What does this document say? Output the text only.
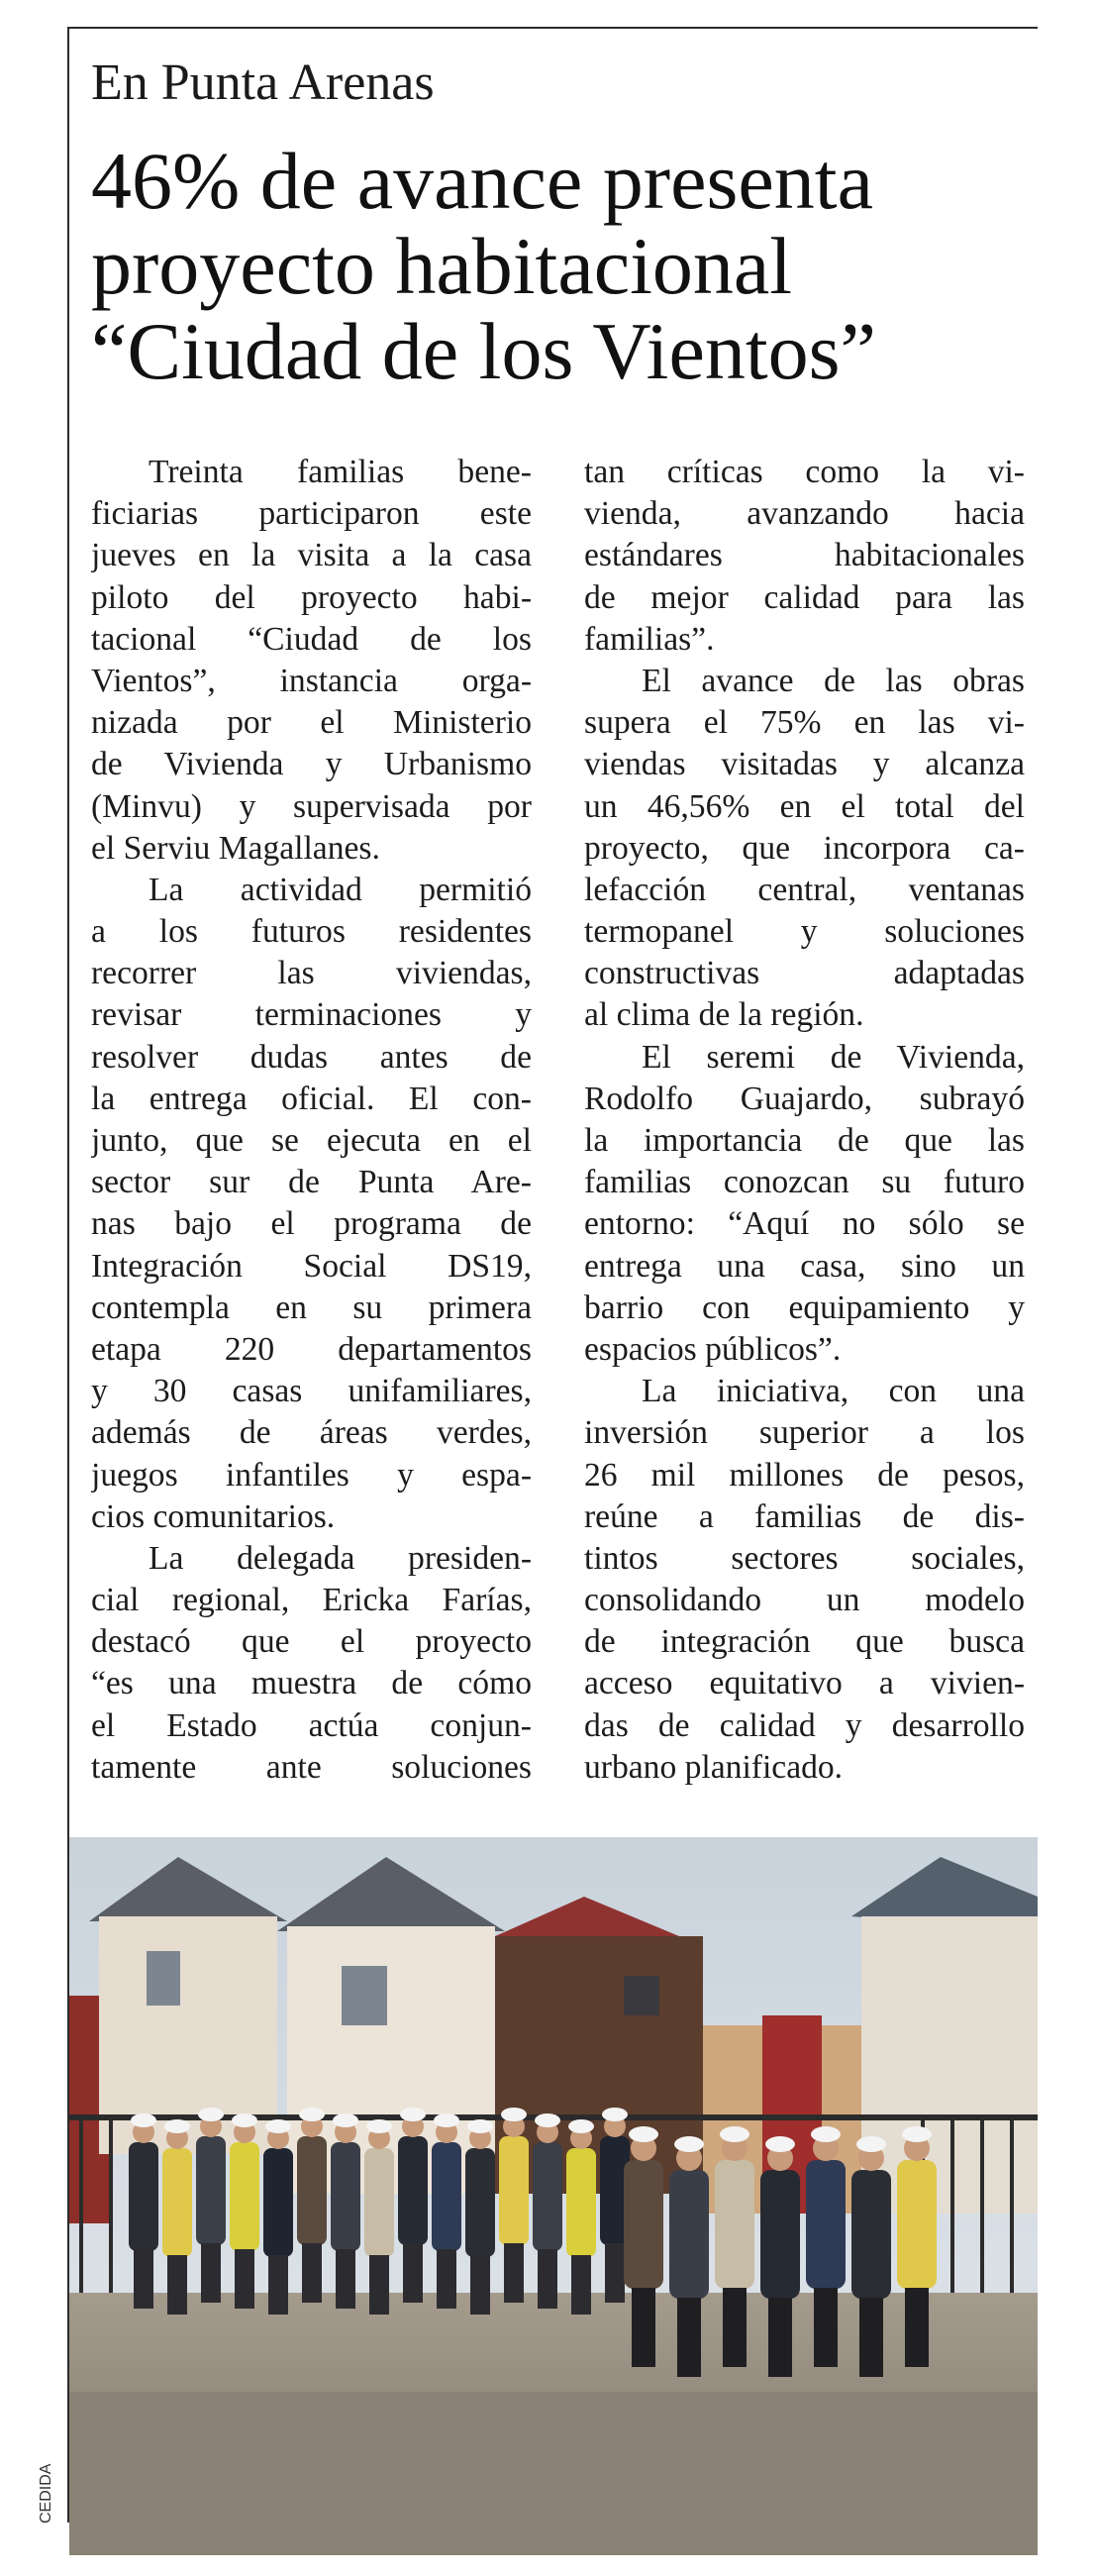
En Punta Arenas
46% de avance presenta
proyecto habitacional
“Ciudad de los Vientos”
Treinta familias bene-
ficiarias participaron este
jueves en la visita a la casa
piloto del proyecto habi-
tacional “Ciudad de los
Vientos”, instancia orga-
nizada por el Ministerio
de Vivienda y Urbanismo
(Minvu) y supervisada por
el Serviu Magallanes.
La actividad permitió
a los futuros residentes
recorrer las viviendas,
revisar terminaciones y
resolver dudas antes de
la entrega oficial. El con-
junto, que se ejecuta en el
sector sur de Punta Are-
nas bajo el programa de
Integración Social DS19,
contempla en su primera
etapa 220 departamentos
y 30 casas unifamiliares,
además de áreas verdes,
juegos infantiles y espa-
cios comunitarios.
La delegada presiden-
cial regional, Ericka Farías,
destacó que el proyecto
“es una muestra de cómo
el Estado actúa conjun-
tamente ante soluciones
tan críticas como la vi-
vienda, avanzando hacia
estándares habitacionales
de mejor calidad para las
familias”.
El avance de las obras
supera el 75% en las vi-
viendas visitadas y alcanza
un 46,56% en el total del
proyecto, que incorpora ca-
lefacción central, ventanas
termopanel y soluciones
constructivas adaptadas
al clima de la región.
El seremi de Vivienda,
Rodolfo Guajardo, subrayó
la importancia de que las
familias conozcan su futuro
entorno: “Aquí no sólo se
entrega una casa, sino un
barrio con equipamiento y
espacios públicos”.
La iniciativa, con una
inversión superior a los
26 mil millones de pesos,
reúne a familias de dis-
tintos sectores sociales,
consolidando un modelo
de integración que busca
acceso equitativo a vivien-
das de calidad y desarrollo
urbano planificado.
CEDIDA
